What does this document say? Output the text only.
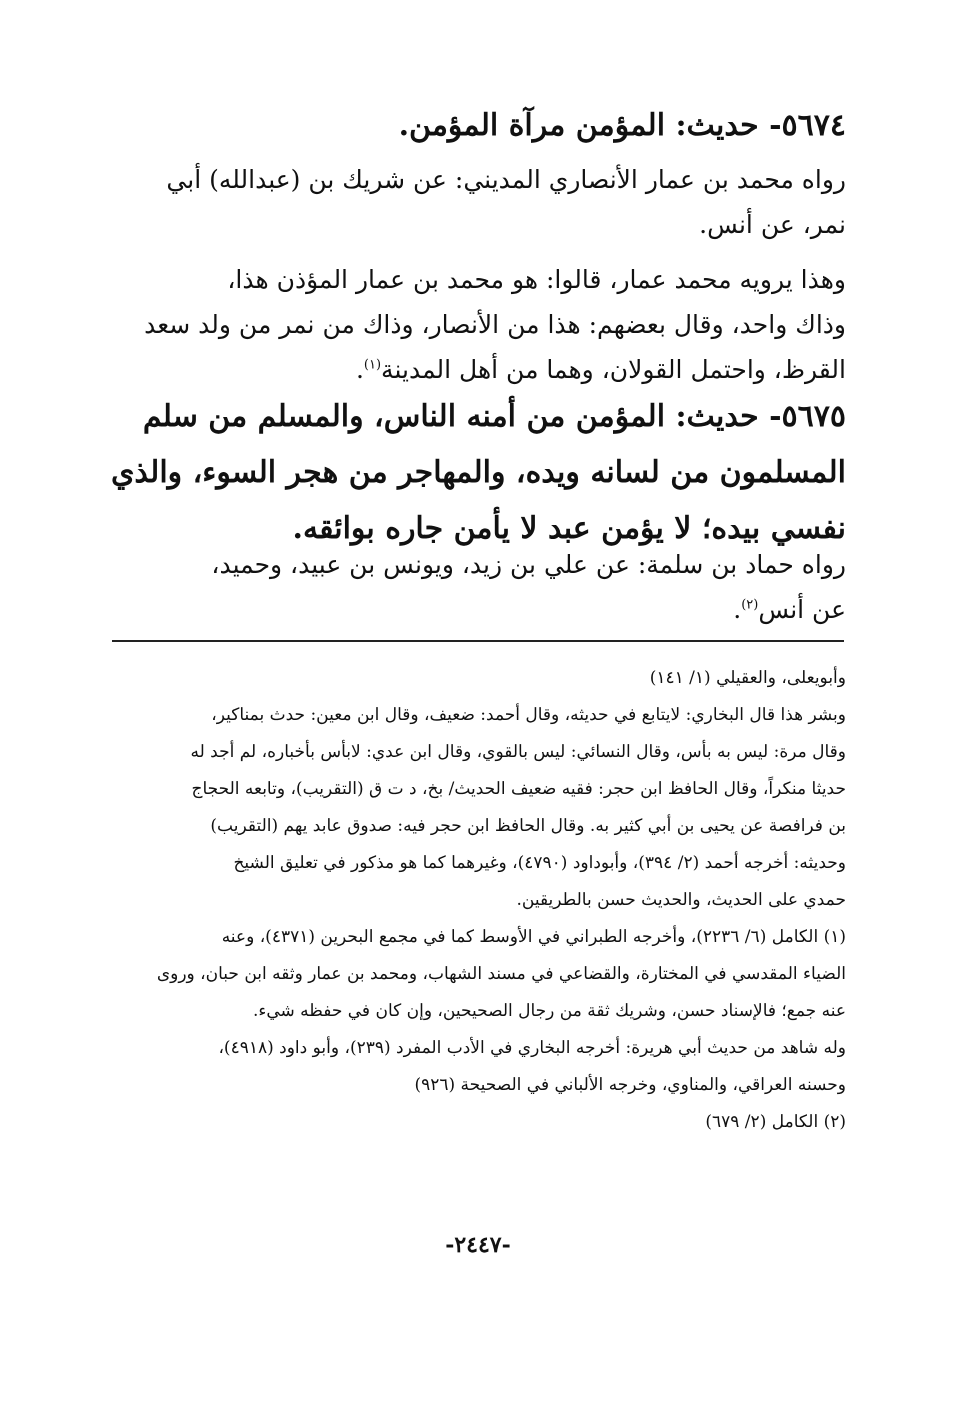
٥٦٧٤- حديث: المؤمن مرآة المؤمن.
رواه محمد بن عمار الأنصاري المديني: عن شريك بن (عبدالله) أبي
نمر، عن أنس.
وهذا يرويه محمد عمار، قالوا: هو محمد بن عمار المؤذن هذا،
وذاك واحد، وقال بعضهم: هذا من الأنصار، وذاك من نمر من ولد سعد
القرظ، واحتمل القولان، وهما من أهل المدينة$^{(١)}$.
٥٦٧٥- حديث: المؤمن من أمنه الناس، والمسلم من سلم
المسلمون من لسانه ويده، والمهاجر من هجر السوء، والذي
نفسي بيده؛ لا يؤمن عبد لا يأمن جاره بوائقه.
رواه حماد بن سلمة: عن علي بن زيد، ويونس بن عبيد، وحميد،
عن أنس$^{(٢)}$.
وأبويعلى، والعقيلي (١/ ١٤١)
وبشر هذا قال البخاري: لايتابع في حديثه، وقال أحمد: ضعيف، وقال ابن معين: حدث بمناكير،
وقال مرة: ليس به بأس، وقال النسائي: ليس بالقوي، وقال ابن عدي: لابأس بأخباره، لم أجد له
حديثا منكراً، وقال الحافظ ابن حجر: فقيه ضعيف الحديث/ بخ، د ت ق (التقريب)، وتابعه الحجاج
بن فرافصة عن يحيى بن أبي كثير به. وقال الحافظ ابن حجر فيه: صدوق عابد يهم (التقريب)
وحديثه: أخرجه أحمد (٢/ ٣٩٤)، وأبوداود (٤٧٩٠)، وغيرهما كما هو مذكور في تعليق الشيخ
حمدي على الحديث، والحديث حسن بالطريقين.
(١) الكامل (٦/ ٢٢٣٦)، وأخرجه الطبراني في الأوسط كما في مجمع البحرين (٤٣٧١)، وعنه
الضياء المقدسي في المختارة، والقضاعي في مسند الشهاب، ومحمد بن عمار وثقه ابن حبان، وروى
عنه جمع؛ فالإسناد حسن، وشريك ثقة من رجال الصحيحين، وإن كان في حفظه شيء.
وله شاهد من حديث أبي هريرة: أخرجه البخاري في الأدب المفرد (٢٣٩)، وأبو داود (٤٩١٨)،
وحسنه العراقي، والمناوي، وخرجه الألباني في الصحيحة (٩٢٦)
(٢) الكامل (٢/ ٦٧٩)
-٢٤٤٧-
